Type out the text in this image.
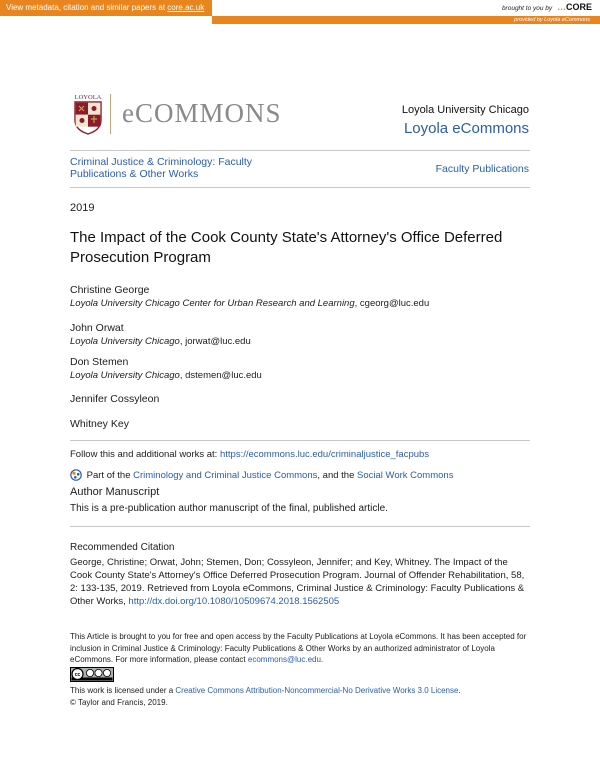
View metadata, citation and similar papers at core.ac.uk	brought to you by …CORE
provided by Loyola eCommons
LOYOLA
eCOMMONS	Loyola University Chicago
Loyola eCommons
Criminal Justice & Criminology: Faculty Publications & Other Works	Faculty Publications
2019
The Impact of the Cook County State's Attorney's Office Deferred Prosecution Program
Christine George
Loyola University Chicago Center for Urban Research and Learning, cgeorg@luc.edu
John Orwat
Loyola University Chicago, jorwat@luc.edu
Don Stemen
Loyola University Chicago, dstemen@luc.edu
Jennifer Cossyleon
Whitney Key
Follow this and additional works at: https://ecommons.luc.edu/criminaljustice_facpubs
Part of the Criminology and Criminal Justice Commons, and the Social Work Commons
Author Manuscript
This is a pre-publication author manuscript of the final, published article.
Recommended Citation
George, Christine; Orwat, John; Stemen, Don; Cossyleon, Jennifer; and Key, Whitney. The Impact of the Cook County State's Attorney's Office Deferred Prosecution Program. Journal of Offender Rehabilitation, 58, 2: 133-135, 2019. Retrieved from Loyola eCommons, Criminal Justice & Criminology: Faculty Publications & Other Works, http://dx.doi.org/10.1080/10509674.2018.1562505
This Article is brought to you for free and open access by the Faculty Publications at Loyola eCommons. It has been accepted for inclusion in Criminal Justice & Criminology: Faculty Publications & Other Works by an authorized administrator of Loyola eCommons. For more information, please contact ecommons@luc.edu.
cc
This work is licensed under a Creative Commons Attribution-Noncommercial-No Derivative Works 3.0 License.
© Taylor and Francis, 2019.
